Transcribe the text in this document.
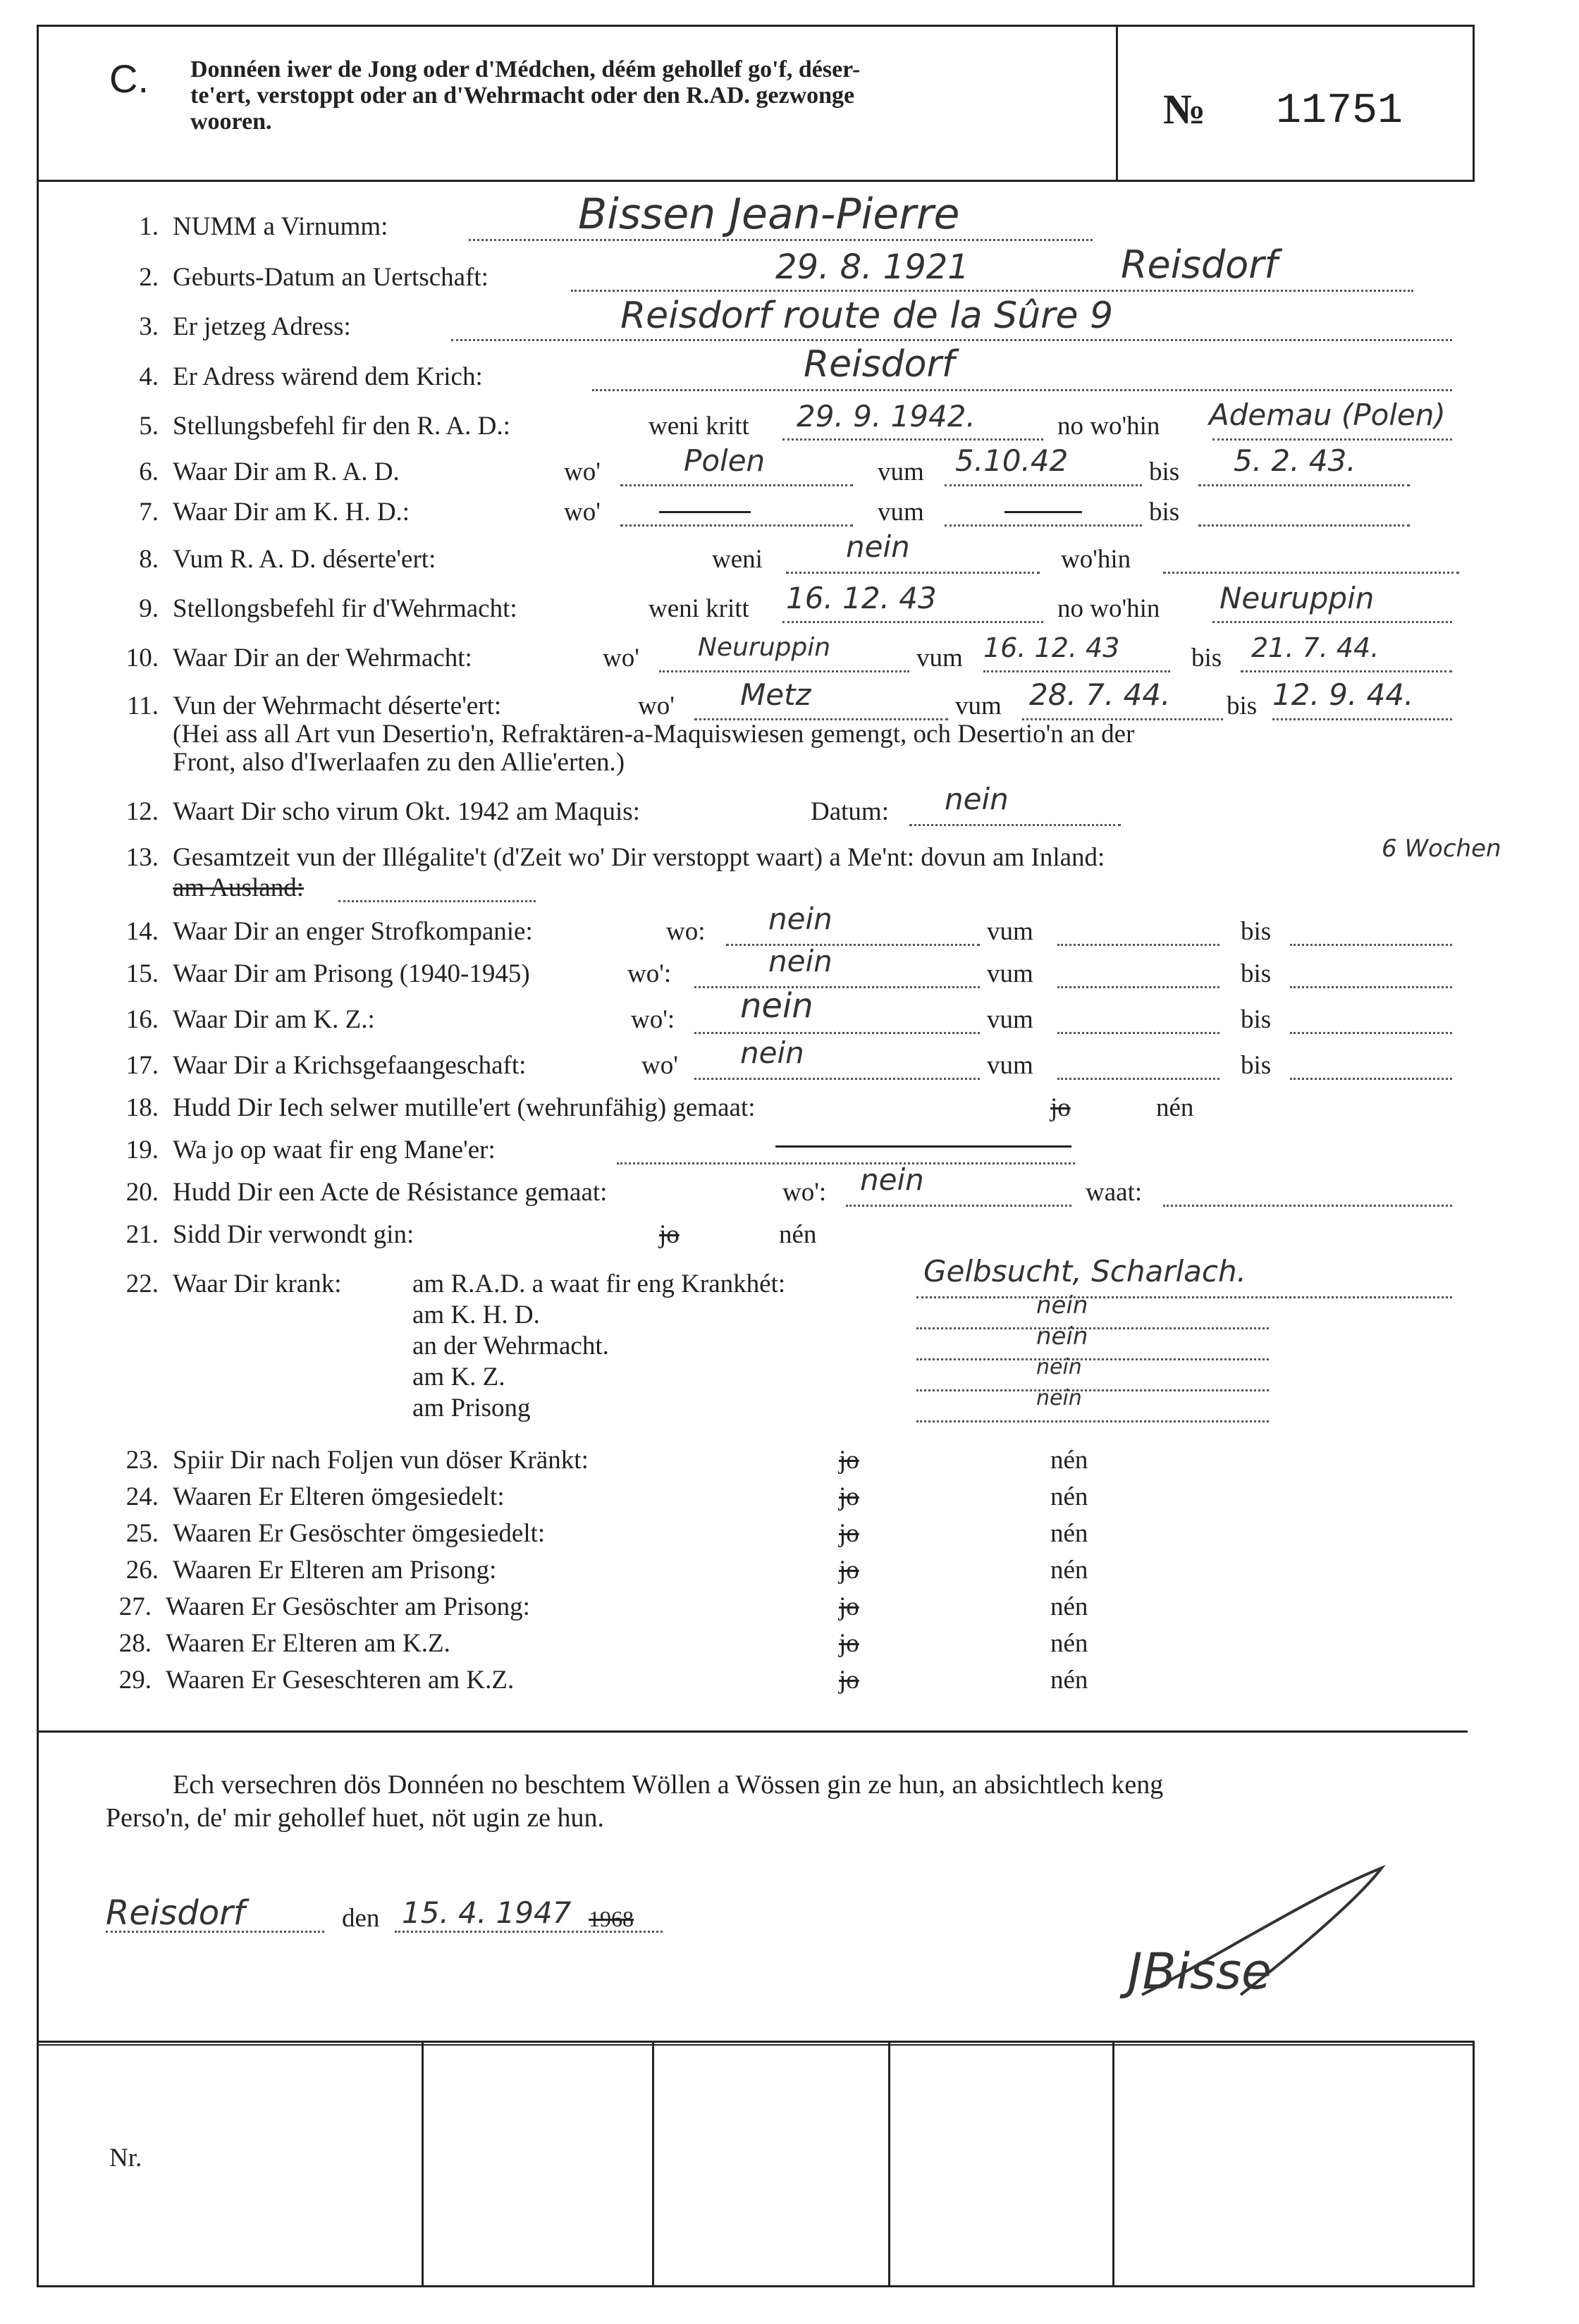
C. Donnéen iwer de Jong oder d'Médchen, déém gehollef go'f, déser-
te'ert, verstoppt oder an d'Wehrmacht oder den R.AD. gezwonge
wooren.	№ 11751
1. NUMM a Virnumm:	Bissen Jean-Pierre
2. Geburts-Datum an Uertschaft:	29. 8. 1921	Reisdorf
3. Er jetzeg Adress:	Reisdorf route de la Sûre 9
4. Er Adress wärend dem Krich:	Reisdorf
5. Stellungsbefehl fir den R. A. D.:	weni kritt 29. 9. 1942.	no wo'hin Ademau (Polen)
6. Waar Dir am R. A. D.	wo'	Polen	vum 5.10.42	bis 5. 2. 43.
7. Waar Dir am K. H. D.:	wo'	vum	bis
8. Vum R. A. D. déserte'ert:	weni	nein	wo'hin
9. Stellongsbefehl fir d'Wehrmacht:	weni kritt 16. 12. 43	no wo'hin Neuruppin
10. Waar Dir an der Wehrmacht:	wo' Neuruppin	vum 16. 12. 43	bis 21. 7. 44.
11. Vun der Wehrmacht déserte'ert:	wo' Metz	vum 28. 7. 44. bis 12. 9. 44.
(Hei ass all Art vun Desertio'n, Refraktären-a-Maquiswiesen gemengt, och Desertio'n an der
Front, also d'Iwerlaafen zu den Allie'erten.)
12. Waart Dir scho virum Okt. 1942 am Maquis:	Datum: nein
13. Gesamtzeit vun der Illégalite't (d'Zeit wo' Dir verstoppt waart) a Me'nt: dovun am Inland:	6 Wochen
am Ausland:
14. Waar Dir an enger Strofkompanie:	wo: nein	vum	bis
15. Waar Dir am Prisong (1940-1945)	wo':	nein	vum	bis
16. Waar Dir am K. Z.:	wo': nein	vum	bis
17. Waar Dir a Krichsgefaangeschaft:	wo' nein	vum	bis
18. Hudd Dir Iech selwer mutille'ert (wehrunfähig) gemaat:	jo	nén
19. Wa jo op waat fir eng Mane'er:
20. Hudd Dir een Acte de Résistance gemaat:	wo': nein	waat:
21. Sidd Dir verwondt gin:	jo	nén
22. Waar Dir krank:	am R.A.D. a waat fir eng Krankhét:	Gelbsucht, Scharlach.
am K. H. D.	nein
an der Wehrmacht.	nein
am K. Z.	nein
am Prisong	nein
23. Spiir Dir nach Foljen vun döser Kränkt:	jo	nén
24. Waaren Er Elteren ömgesiedelt:	jo	nén
25. Waaren Er Gesöschter ömgesiedelt:	jo	nén
26. Waaren Er Elteren am Prisong:	jo	nén
27. Waaren Er Gesöschter am Prisong:	jo	nén
28. Waaren Er Elteren am K.Z.	jo	nén
29. Waaren Er Geseschteren am K.Z.	jo	nén
Ech versechren dös Donnéen no beschtem Wöllen a Wössen gin ze hun, an absichtlech keng
Perso'n, de' mir gehollef huet, nöt ugin ze hun.
Reisdorf	den 15. 4. 1947 1968
JBisse
Nr.
